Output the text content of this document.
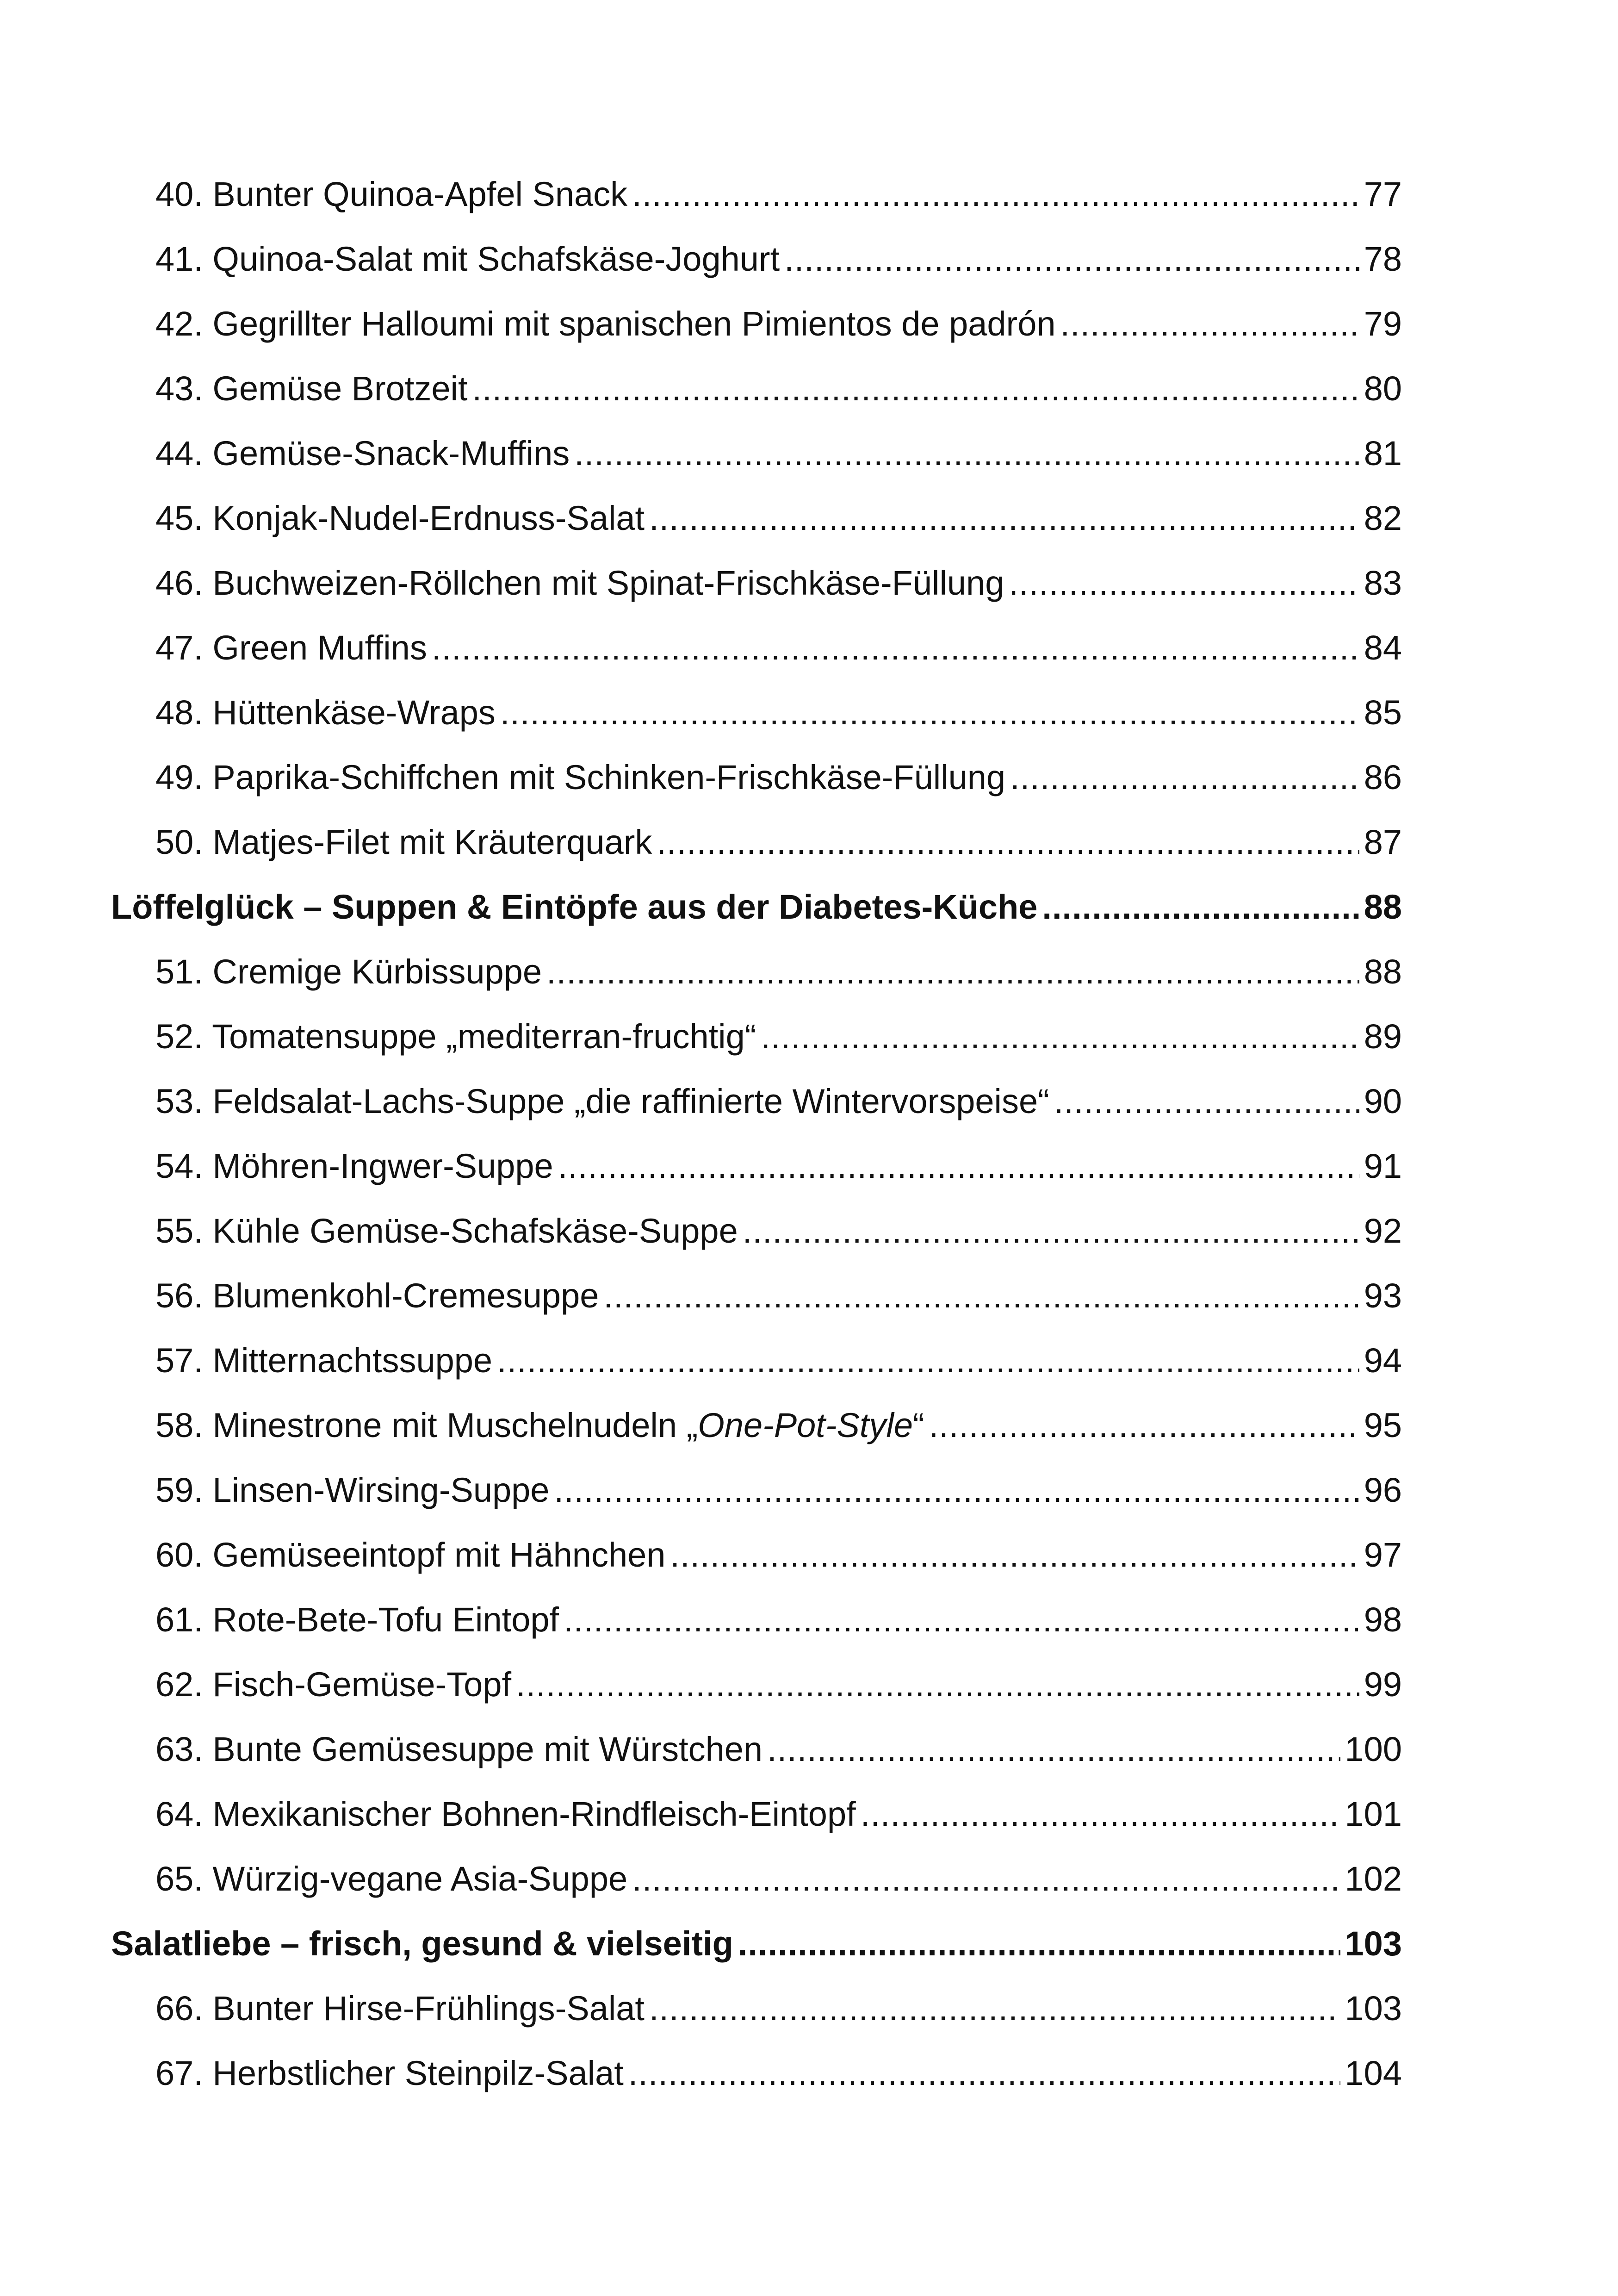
40. Bunter Quinoa-Apfel Snack .....	77
41. Quinoa-Salat mit Schafskäse-Joghurt .....	78
42. Gegrillter Halloumi mit spanischen Pimientos de padrón .....	79
43. Gemüse Brotzeit .....	80
44. Gemüse-Snack-Muffins .....	81
45. Konjak-Nudel-Erdnuss-Salat .....	82
46. Buchweizen-Röllchen mit Spinat-Frischkäse-Füllung .....	83
47. Green Muffins .....	84
48. Hüttenkäse-Wraps .....	85
49. Paprika-Schiffchen mit Schinken-Frischkäse-Füllung .....	86
50. Matjes-Filet mit Kräuterquark .....	87
Löffelglück – Suppen & Eintöpfe aus der Diabetes-Küche .....	88
51. Cremige Kürbissuppe .....	88
52. Tomatensuppe „mediterran-fruchtig“ .....	89
53. Feldsalat-Lachs-Suppe „die raffinierte Wintervorspeise“ .....	90
54. Möhren-Ingwer-Suppe .....	91
55. Kühle Gemüse-Schafskäse-Suppe .....	92
56. Blumenkohl-Cremesuppe .....	93
57. Mitternachtssuppe .....	94
58. Minestrone mit Muschelnudeln „One-Pot-Style“ .....	95
59. Linsen-Wirsing-Suppe .....	96
60. Gemüseeintopf mit Hähnchen .....	97
61. Rote-Bete-Tofu Eintopf .....	98
62. Fisch-Gemüse-Topf .....	99
63. Bunte Gemüsesuppe mit Würstchen .....	100
64. Mexikanischer Bohnen-Rindfleisch-Eintopf .....	101
65. Würzig-vegane Asia-Suppe .....	102
Salatliebe – frisch, gesund & vielseitig .....	103
66. Bunter Hirse-Frühlings-Salat .....	103
67. Herbstlicher Steinpilz-Salat .....	104
